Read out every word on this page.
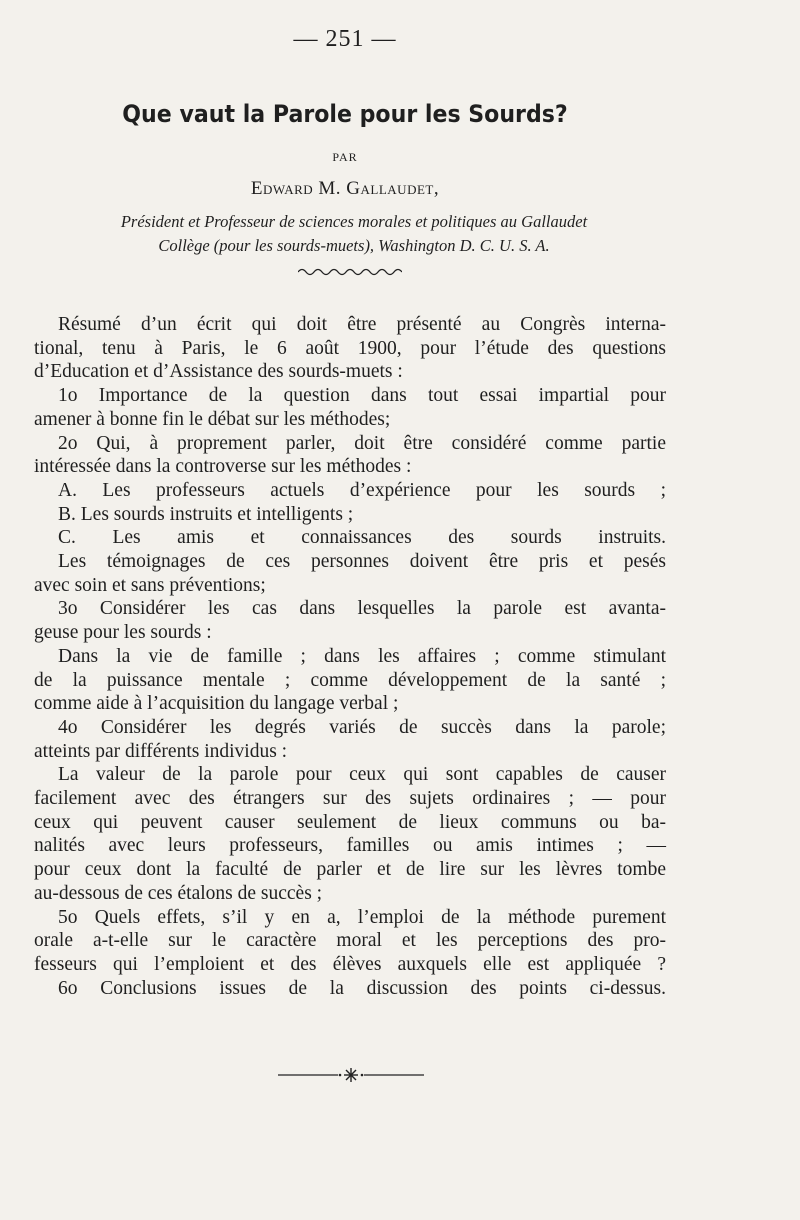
— 251 —
Que vaut la Parole pour les Sourds?
PAR
Edward M. Gallaudet,
Président et Professeur de sciences morales et politiques au Gallaudet
Collège (pour les sourds-muets), Washington D. C. U. S. A.
Résumé d’un écrit qui doit être présenté au Congrès interna-
tional, tenu à Paris, le 6 août 1900, pour l’étude des questions
d’Education et d’Assistance des sourds-muets :
1o Importance de la question dans tout essai impartial pour
amener à bonne fin le débat sur les méthodes;
2o Qui, à proprement parler, doit être considéré comme partie
intéressée dans la controverse sur les méthodes :
A. Les professeurs actuels d’expérience pour les sourds ;
B. Les sourds instruits et intelligents ;
C. Les amis et connaissances des sourds instruits.
Les témoignages de ces personnes doivent être pris et pesés
avec soin et sans préventions;
3o Considérer les cas dans lesquelles la parole est avanta-
geuse pour les sourds :
Dans la vie de famille ; dans les affaires ; comme stimulant
de la puissance mentale ; comme développement de la santé ;
comme aide à l’acquisition du langage verbal ;
4o Considérer les degrés variés de succès dans la parole;
atteints par différents individus :
La valeur de la parole pour ceux qui sont capables de causer
facilement avec des étrangers sur des sujets ordinaires ; — pour
ceux qui peuvent causer seulement de lieux communs ou ba-
nalités avec leurs professeurs, familles ou amis intimes ; —
pour ceux dont la faculté de parler et de lire sur les lèvres tombe
au-dessous de ces étalons de succès ;
5o Quels effets, s’il y en a, l’emploi de la méthode purement
orale a-t-elle sur le caractère moral et les perceptions des pro-
fesseurs qui l’emploient et des élèves auxquels elle est appliquée ?
6o Conclusions issues de la discussion des points ci-dessus.
